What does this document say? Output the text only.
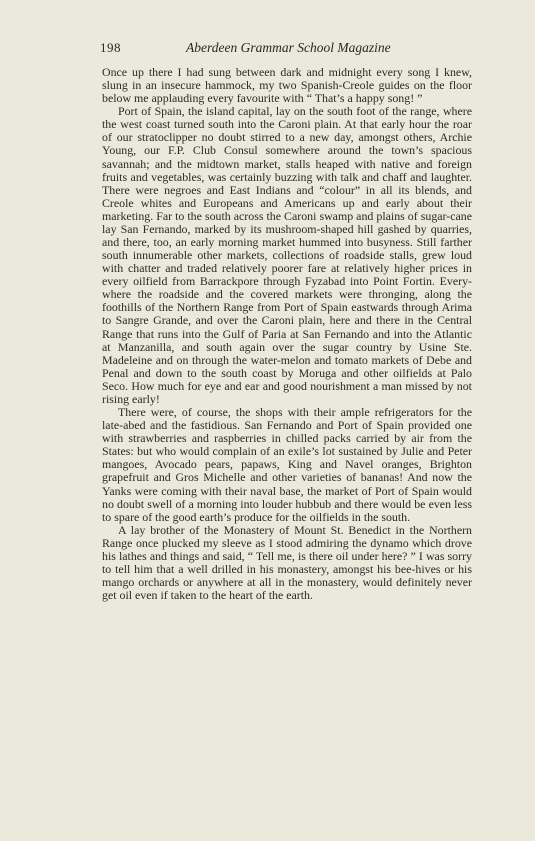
198	Aberdeen Grammar School Magazine

Once up there I had sung between dark and midnight every song I knew, slung in an insecure hammock, my two Spanish-Creole guides on the floor below me applauding every favourite with “ That’s a happy song! ”

Port of Spain, the island capital, lay on the south foot of the range, where the west coast turned south into the Caroni plain. At that early hour the roar of our stratoclipper no doubt stirred to a new day, amongst others, Archie Young, our F.P. Club Consul somewhere around the town’s spacious savannah; and the midtown market, stalls heaped with native and foreign fruits and vegetables, was certainly buzzing with talk and chaff and laughter. There were negroes and East Indians and “colour” in all its blends, and Creole whites and Europeans and Americans up and early about their marketing. Far to the south across the Caroni swamp and plains of sugar-cane lay San Fernando, marked by its mushroom-shaped hill gashed by quarries, and there, too, an early morning market hummed into busyness. Still farther south innumerable other markets, collections of roadside stalls, grew loud with chatter and traded relatively poorer fare at relatively higher prices in every oilfield from Barrackpore through Fyzabad into Point Fortin. Every-where the roadside and the covered markets were thronging, along the foothills of the Northern Range from Port of Spain eastwards through Arima to Sangre Grande, and over the Caroni plain, here and there in the Central Range that runs into the Gulf of Paria at San Fernando and into the Atlantic at Manzanilla, and south again over the sugar country by Usine Ste. Madeleine and on through the water-melon and tomato markets of Debe and Penal and down to the south coast by Moruga and other oilfields at Palo Seco. How much for eye and ear and good nourishment a man missed by not rising early!

There were, of course, the shops with their ample refrigerators for the late-abed and the fastidious. San Fernando and Port of Spain provided one with strawberries and raspberries in chilled packs carried by air from the States: but who would complain of an exile’s lot sustained by Julie and Peter mangoes, Avocado pears, papaws, King and Navel oranges, Brighton grapefruit and Gros Michelle and other varieties of bananas! And now the Yanks were coming with their naval base, the market of Port of Spain would no doubt swell of a morning into louder hubbub and there would be even less to spare of the good earth’s produce for the oilfields in the south.

A lay brother of the Monastery of Mount St. Benedict in the Northern Range once plucked my sleeve as I stood admiring the dynamo which drove his lathes and things and said, “ Tell me, is there oil under here? ” I was sorry to tell him that a well drilled in his monastery, amongst his bee-hives or his mango orchards or anywhere at all in the monastery, would definitely never get oil even if taken to the heart of the earth.
